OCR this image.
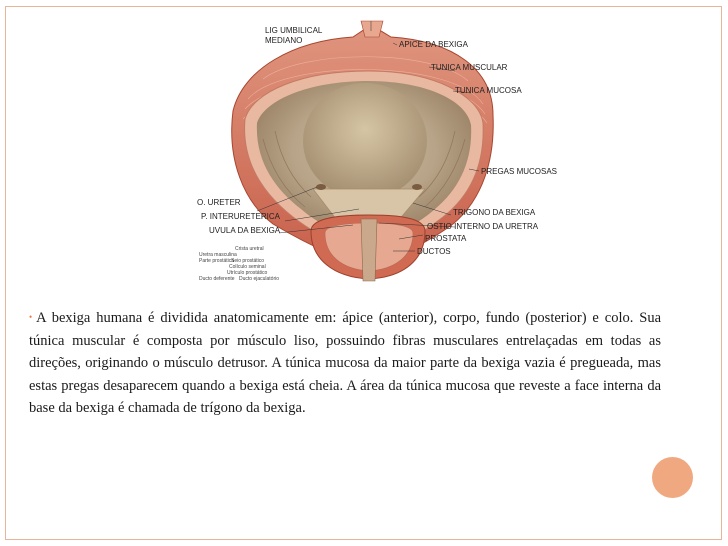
LIG UMBILICAL
MEDIANO	APICE DA BEXIGA
TUNICA MUSCULAR
TUNICA MUCOSA
PREGAS MUCOSAS
O. URETER
P. INTERURETERICA
UVULA DA BEXIGA
TRIGONO DA BEXIGA
OSTIO INTERNO DA URETRA
PROSTATA
DUCTOS
Uretra masculina
Parte prostática
Crista uretral
Seio prostático
Colículo seminal
Utrículo prostático
Ducto deferente Ducto ejaculatório
• A bexiga humana é dividida anatomicamente em: ápice (anterior), corpo, fundo (posterior) e colo. Sua túnica muscular é composta por músculo liso, possuindo fibras musculares entrelaçadas em todas as direções, originando o músculo detrusor. A túnica mucosa da maior parte da bexiga vazia é pregueada, mas estas pregas desaparecem quando a bexiga está cheia. A área da túnica mucosa que reveste a face interna da base da bexiga é chamada de trígono da bexiga.
